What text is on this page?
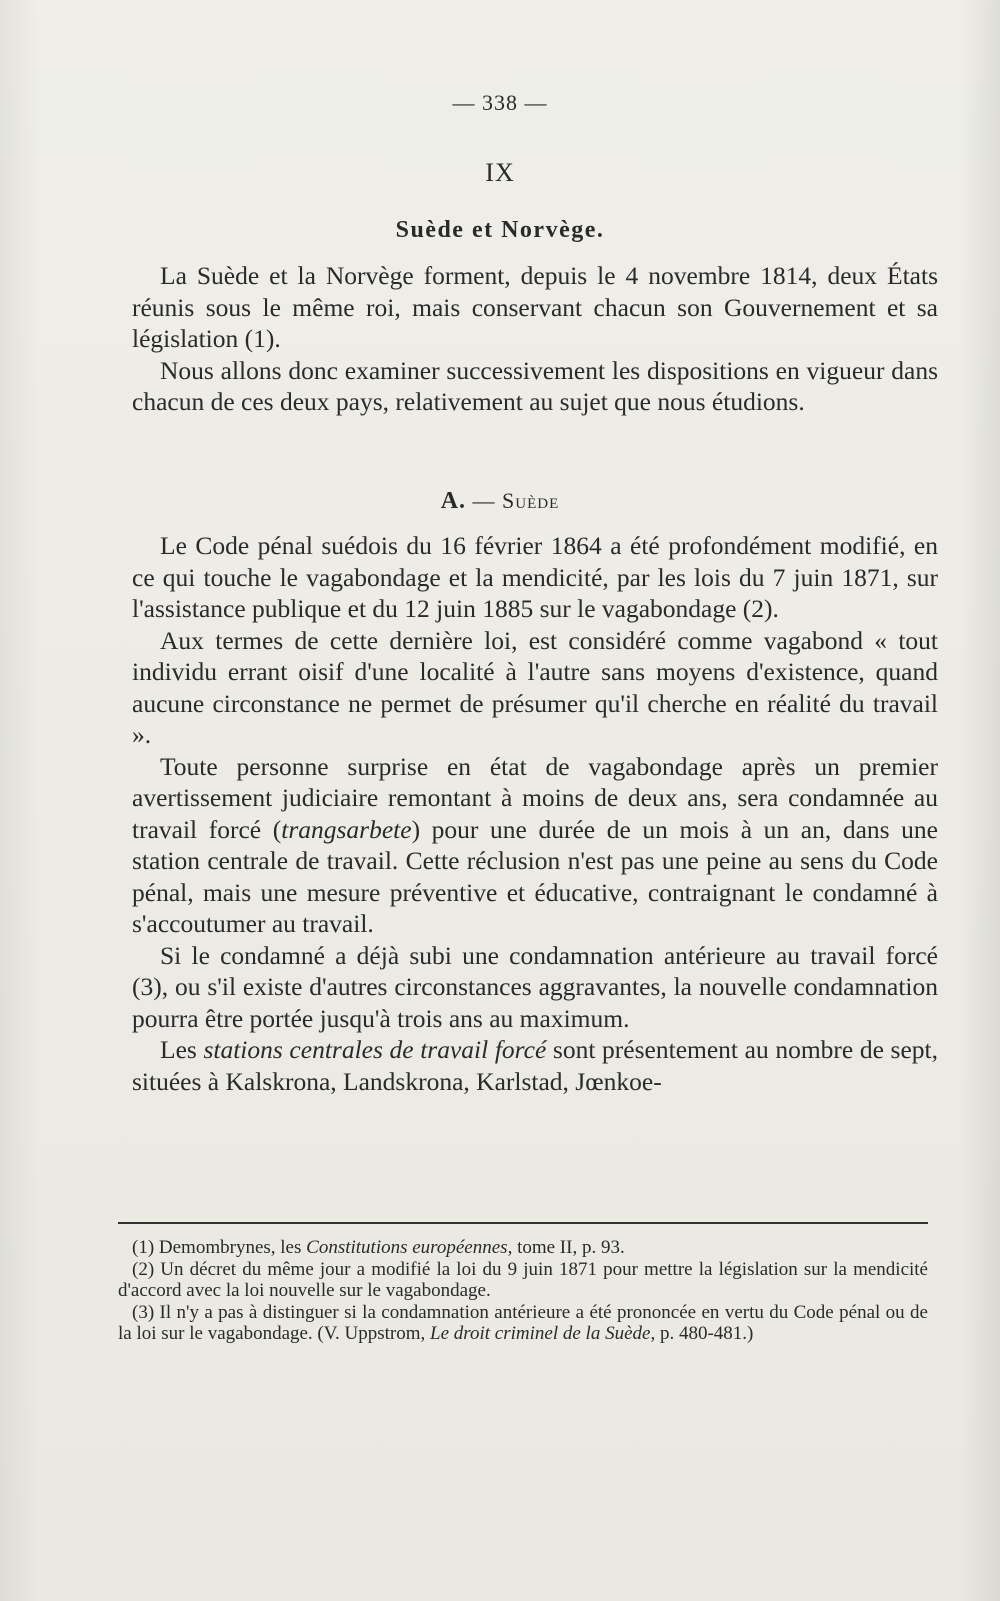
— 338 —
IX
Suède et Norvège.

La Suède et la Norvège forment, depuis le 4 novembre 1814, deux États réunis sous le même roi, mais conservant chacun son Gouvernement et sa législation (1).

Nous allons donc examiner successivement les dispositions en vigueur dans chacun de ces deux pays, relativement au sujet que nous étudions.

A. — Suède

Le Code pénal suédois du 16 février 1864 a été profondément modifié, en ce qui touche le vagabondage et la mendicité, par les lois du 7 juin 1871, sur l'assistance publique et du 12 juin 1885 sur le vagabondage (2).

Aux termes de cette dernière loi, est considéré comme vagabond « tout individu errant oisif d'une localité à l'autre sans moyens d'existence, quand aucune circonstance ne permet de présumer qu'il cherche en réalité du travail ».

Toute personne surprise en état de vagabondage après un premier avertissement judiciaire remontant à moins de deux ans, sera condamnée au travail forcé (trangsarbete) pour une durée de un mois à un an, dans une station centrale de travail. Cette réclusion n'est pas une peine au sens du Code pénal, mais une mesure préventive et éducative, contraignant le condamné à s'accoutumer au travail.

Si le condamné a déjà subi une condamnation antérieure au travail forcé (3), ou s'il existe d'autres circonstances aggravantes, la nouvelle condamnation pourra être portée jusqu'à trois ans au maximum.

Les stations centrales de travail forcé sont présentement au nombre de sept, situées à Kalskrona, Landskrona, Karlstad, Jœnkoe-

(1) Demombrynes, les Constitutions européennes, tome II, p. 93.

(2) Un décret du même jour a modifié la loi du 9 juin 1871 pour mettre la législation sur la mendicité d'accord avec la loi nouvelle sur le vagabondage.

(3) Il n'y a pas à distinguer si la condamnation antérieure a été prononcée en vertu du Code pénal ou de la loi sur le vagabondage. (V. Uppstrom, Le droit criminel de la Suède, p. 480-481.)
